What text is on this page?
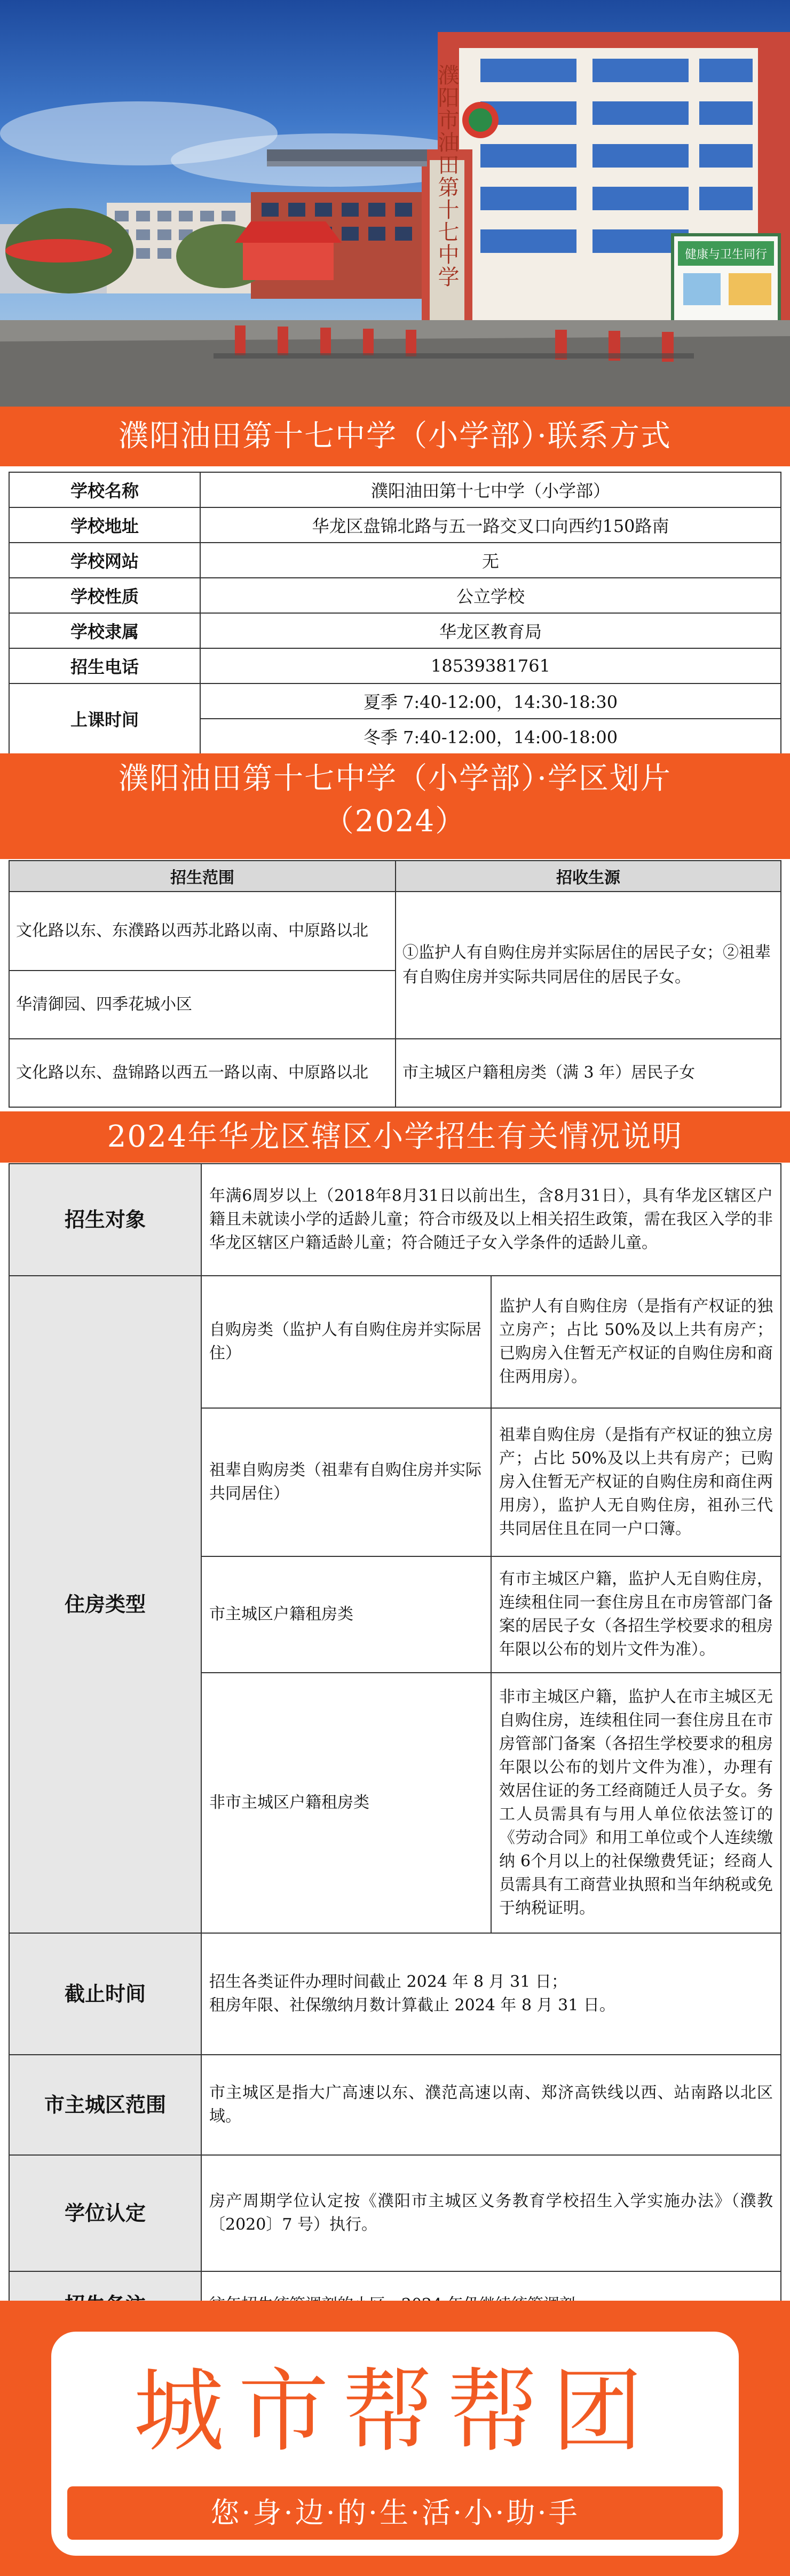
濮阳市油田第十七中学	健康与卫生同行
濮阳油田第十七中学（小学部）·联系方式
学校名称	濮阳油田第十七中学（小学部）
学校地址	华龙区盘锦北路与五一路交叉口向西约150路南
学校网站	无
学校性质	公立学校
学校隶属	华龙区教育局
招生电话	18539381761
上课时间	夏季 7:40-12:00，14:30-18:30
	冬季 7:40-12:00，14:00-18:00
濮阳油田第十七中学（小学部）·学区划片
（2024）
招生范围	招收生源
文化路以东、东濮路以西苏北路以南、中原路以北	①监护人有自购住房并实际居住的居民子女；②祖辈有自购住房并实际共同居住的居民子女。
华清御园、四季花城小区	
文化路以东、盘锦路以西五一路以南、中原路以北	市主城区户籍租房类（满 3 年）居民子女
2024年华龙区辖区小学招生有关情况说明
招生对象	年满6周岁以上（2018年8月31日以前出生，含8月31日），具有华龙区辖区户籍且未就读小学的适龄儿童；符合市级及以上相关招生政策，需在我区入学的非华龙区辖区户籍适龄儿童；符合随迁子女入学条件的适龄儿童。	
住房类型	自购房类（监护人有自购住房并实际居住）	监护人有自购住房（是指有产权证的独立房产；占比 50%及以上共有房产；已购房入住暂无产权证的自购住房和商住两用房）。
	祖辈自购房类（祖辈有自购住房并实际共同居住）	祖辈自购住房（是指有产权证的独立房产；占比 50%及以上共有房产；已购房入住暂无产权证的自购住房和商住两用房），监护人无自购住房，祖孙三代共同居住且在同一户口簿。
	市主城区户籍租房类	有市主城区户籍，监护人无自购住房，连续租住同一套住房且在市房管部门备案的居民子女（各招生学校要求的租房年限以公布的划片文件为准）。
	非市主城区户籍租房类	非市主城区户籍，监护人在市主城区无自购住房，连续租住同一套住房且在市房管部门备案（各招生学校要求的租房年限以公布的划片文件为准），办理有效居住证的务工经商随迁人员子女。务工人员需具有与用人单位依法签订的《劳动合同》和用工单位或个人连续缴纳 6个月以上的社保缴费凭证；经商人员需具有工商营业执照和当年纳税或免于纳税证明。
截止时间	招生各类证件办理时间截止 2024 年 8 月 31 日；
租房年限、社保缴纳月数计算截止 2024 年 8 月 31 日。	

市主城区范围	市主城区是指大广高速以东、濮范高速以南、郑济高铁线以西、站南路以北区域。	
学位认定	房产周期学位认定按《濮阳市主城区义务教育学校招生入学实施办法》（濮教〔2020〕7 号）执行。	

城市帮帮团
您·身·边·的·生·活·小·助·手
